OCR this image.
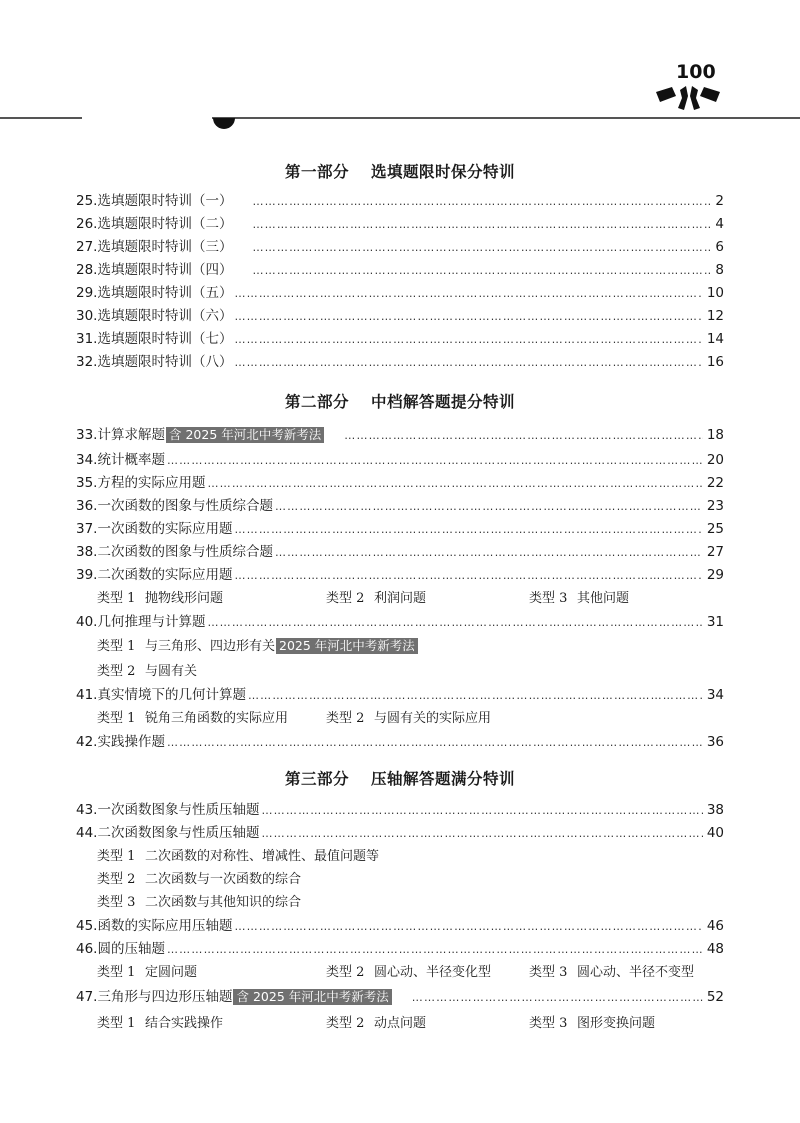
100
第一部分 选填题限时保分特训
25.选填题限时特训（一） …………………………………………………………………………………………………………………………………………………………………………………………………	2
26.选填题限时特训（二） …………………………………………………………………………………………………………………………………………………………………………………………………	4
27.选填题限时特训（三） …………………………………………………………………………………………………………………………………………………………………………………………………	6
28.选填题限时特训（四） …………………………………………………………………………………………………………………………………………………………………………………………………	8
29.选填题限时特训（五） …………………………………………………………………………………………………………………………………………………………………………………………………	10
30.选填题限时特训（六） …………………………………………………………………………………………………………………………………………………………………………………………………	12
31.选填题限时特训（七） …………………………………………………………………………………………………………………………………………………………………………………………………	14
32.选填题限时特训（八） …………………………………………………………………………………………………………………………………………………………………………………………………	16
第二部分 中档解答题提分特训
33.计算求解题 含 2025 年河北中考新考法 …………………………………………………………………………………………………………………………………………………………………………………………………	18
34.统计概率题 …………………………………………………………………………………………………………………………………………………………………………………………………	20
35.方程的实际应用题 …………………………………………………………………………………………………………………………………………………………………………………………………	22
36.一次函数的图象与性质综合题 …………………………………………………………………………………………………………………………………………………………………………………………………	23
37.一次函数的实际应用题 …………………………………………………………………………………………………………………………………………………………………………………………………	25
38.二次函数的图象与性质综合题 …………………………………………………………………………………………………………………………………………………………………………………………………	27
39.二次函数的实际应用题 …………………………………………………………………………………………………………………………………………………………………………………………………	29
类型 1 抛物线形问题	类型 2 利润问题	类型 3 其他问题
40.几何推理与计算题 …………………………………………………………………………………………………………………………………………………………………………………………………	31
类型 1 与三角形、四边形有关 2025 年河北中考新考法
类型 2 与圆有关
41.真实情境下的几何计算题 …………………………………………………………………………………………………………………………………………………………………………………………………	34
类型 1 锐角三角函数的实际应用	类型 2 与圆有关的实际应用
42.实践操作题 …………………………………………………………………………………………………………………………………………………………………………………………………	36
第三部分 压轴解答题满分特训
43.一次函数图象与性质压轴题 …………………………………………………………………………………………………………………………………………………………………………………………………	38
44.二次函数图象与性质压轴题 …………………………………………………………………………………………………………………………………………………………………………………………………	40
类型 1 二次函数的对称性、增减性、最值问题等
类型 2 二次函数与一次函数的综合
类型 3 二次函数与其他知识的综合
45.函数的实际应用压轴题 …………………………………………………………………………………………………………………………………………………………………………………………………	46
46.圆的压轴题 …………………………………………………………………………………………………………………………………………………………………………………………………	48
类型 1 定圆问题	类型 2 圆心动、半径变化型	类型 3 圆心动、半径不变型
47.三角形与四边形压轴题 含 2025 年河北中考新考法 …………………………………………………………………………………………………………………………………………………………………………………………………	52
类型 1 结合实践操作	类型 2 动点问题	类型 3 图形变换问题
